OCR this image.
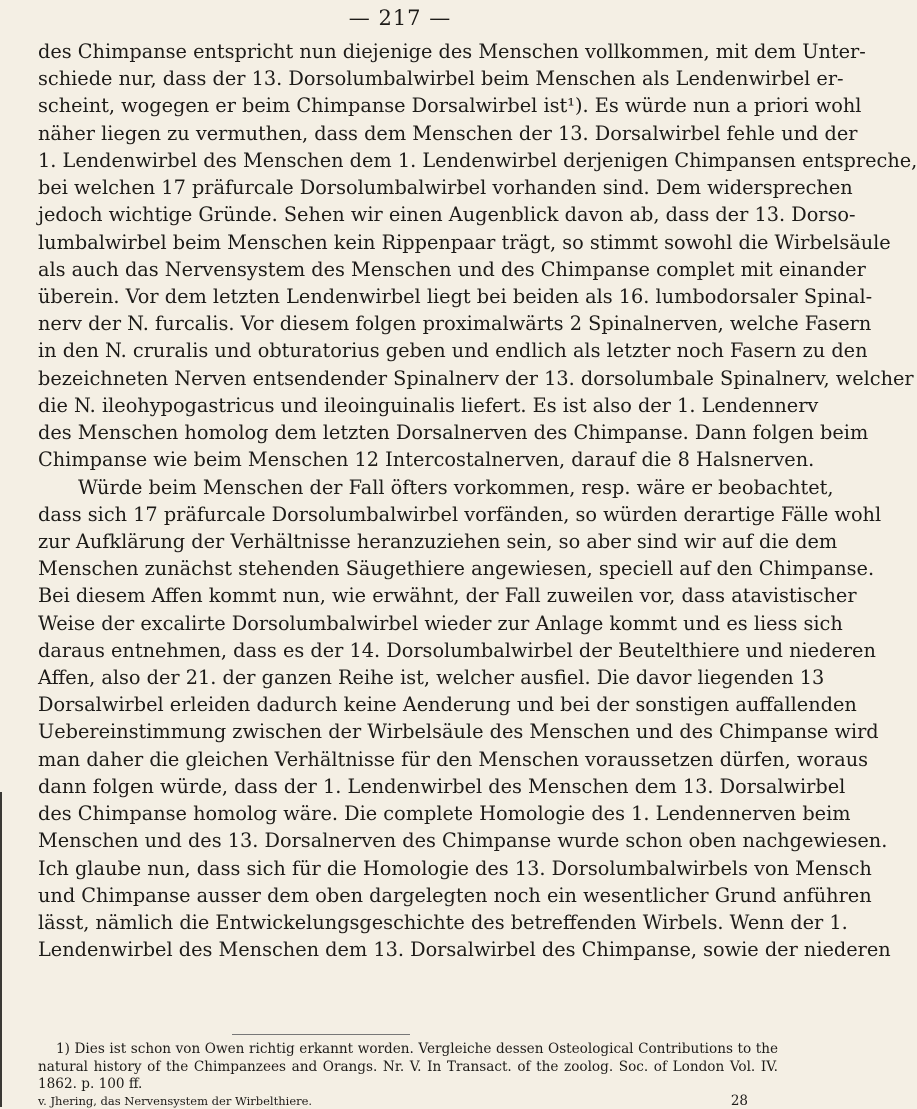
— 217 —
des Chimpanse entspricht nun diejenige des Menschen vollkommen, mit dem Unter-
schiede nur, dass der 13. Dorsolumbalwirbel beim Menschen als Lendenwirbel er-
scheint, wogegen er beim Chimpanse Dorsalwirbel ist¹). Es würde nun a priori wohl
näher liegen zu vermuthen, dass dem Menschen der 13. Dorsalwirbel fehle und der
1. Lendenwirbel des Menschen dem 1. Lendenwirbel derjenigen Chimpansen entspreche,
bei welchen 17 präfurcale Dorsolumbalwirbel vorhanden sind. Dem widersprechen
jedoch wichtige Gründe. Sehen wir einen Augenblick davon ab, dass der 13. Dorso-
lumbalwirbel beim Menschen kein Rippenpaar trägt, so stimmt sowohl die Wirbelsäule
als auch das Nervensystem des Menschen und des Chimpanse complet mit einander
überein. Vor dem letzten Lendenwirbel liegt bei beiden als 16. lumbodorsaler Spinal-
nerv der N. furcalis. Vor diesem folgen proximalwärts 2 Spinalnerven, welche Fasern
in den N. cruralis und obturatorius geben und endlich als letzter noch Fasern zu den
bezeichneten Nerven entsendender Spinalnerv der 13. dorsolumbale Spinalnerv, welcher
die N. ileohypogastricus und ileoinguinalis liefert. Es ist also der 1. Lendennerv
des Menschen homolog dem letzten Dorsalnerven des Chimpanse. Dann folgen beim
Chimpanse wie beim Menschen 12 Intercostalnerven, darauf die 8 Halsnerven.
Würde beim Menschen der Fall öfters vorkommen, resp. wäre er beobachtet,
dass sich 17 präfurcale Dorsolumbalwirbel vorfänden, so würden derartige Fälle wohl
zur Aufklärung der Verhältnisse heranzuziehen sein, so aber sind wir auf die dem
Menschen zunächst stehenden Säugethiere angewiesen, speciell auf den Chimpanse.
Bei diesem Affen kommt nun, wie erwähnt, der Fall zuweilen vor, dass atavistischer
Weise der excalirte Dorsolumbalwirbel wieder zur Anlage kommt und es liess sich
daraus entnehmen, dass es der 14. Dorsolumbalwirbel der Beutelthiere und niederen
Affen, also der 21. der ganzen Reihe ist, welcher ausfiel. Die davor liegenden 13
Dorsalwirbel erleiden dadurch keine Aenderung und bei der sonstigen auffallenden
Uebereinstimmung zwischen der Wirbelsäule des Menschen und des Chimpanse wird
man daher die gleichen Verhältnisse für den Menschen voraussetzen dürfen, woraus
dann folgen würde, dass der 1. Lendenwirbel des Menschen dem 13. Dorsalwirbel
des Chimpanse homolog wäre. Die complete Homologie des 1. Lendennerven beim
Menschen und des 13. Dorsalnerven des Chimpanse wurde schon oben nachgewiesen.
Ich glaube nun, dass sich für die Homologie des 13. Dorsolumbalwirbels von Mensch
und Chimpanse ausser dem oben dargelegten noch ein wesentlicher Grund anführen
lässt, nämlich die Entwickelungsgeschichte des betreffenden Wirbels. Wenn der 1.
Lendenwirbel des Menschen dem 13. Dorsalwirbel des Chimpanse, sowie der niederen
1) Dies ist schon von Owen richtig erkannt worden. Vergleiche dessen Osteological Contributions to the
natural history of the Chimpanzees and Orangs. Nr. V. In Transact. of the zoolog. Soc. of London Vol. IV.
1862. p. 100 ff.
v. Jhering, das Nervensystem der Wirbelthiere.	28
